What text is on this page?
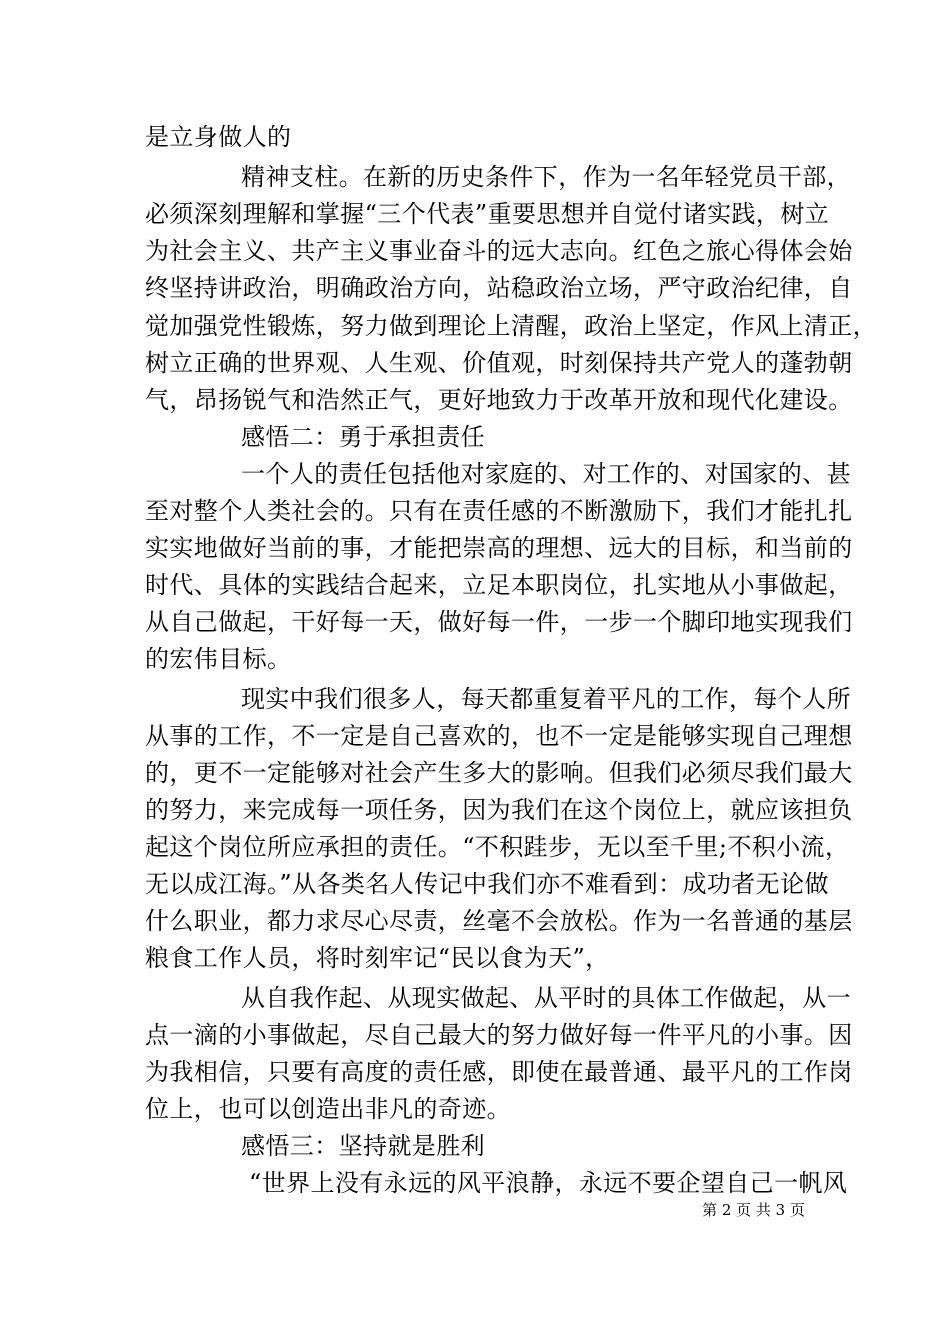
是立身做人的
精神支柱。在新的历史条件下，作为一名年轻党员干部，
必须深刻理解和掌握“三个代表”重要思想并自觉付诸实践，树立
为社会主义、共产主义事业奋斗的远大志向。红色之旅心得体会始
终坚持讲政治，明确政治方向，站稳政治立场，严守政治纪律，自
觉加强党性锻炼，努力做到理论上清醒，政治上坚定，作风上清正，
树立正确的世界观、人生观、价值观，时刻保持共产党人的蓬勃朝
气，昂扬锐气和浩然正气，更好地致力于改革开放和现代化建设。
感悟二：勇于承担责任
一个人的责任包括他对家庭的、对工作的、对国家的、甚
至对整个人类社会的。只有在责任感的不断激励下，我们才能扎扎
实实地做好当前的事，才能把崇高的理想、远大的目标，和当前的
时代、具体的实践结合起来，立足本职岗位，扎实地从小事做起，
从自己做起，干好每一天，做好每一件，一步一个脚印地实现我们
的宏伟目标。
现实中我们很多人，每天都重复着平凡的工作，每个人所
从事的工作，不一定是自己喜欢的，也不一定是能够实现自己理想
的，更不一定能够对社会产生多大的影响。但我们必须尽我们最大
的努力，来完成每一项任务，因为我们在这个岗位上，就应该担负
起这个岗位所应承担的责任。“不积跬步，无以至千里;不积小流，
无以成江海。”从各类名人传记中我们亦不难看到：成功者无论做
什么职业，都力求尽心尽责，丝毫不会放松。作为一名普通的基层
粮食工作人员，将时刻牢记“民以食为天”，
从自我作起、从现实做起、从平时的具体工作做起，从一
点一滴的小事做起，尽自己最大的努力做好每一件平凡的小事。因
为我相信，只要有高度的责任感，即使在最普通、最平凡的工作岗
位上，也可以创造出非凡的奇迹。
感悟三：坚持就是胜利
“世界上没有永远的风平浪静，永远不要企望自己一帆风
第 2 页 共 3 页
